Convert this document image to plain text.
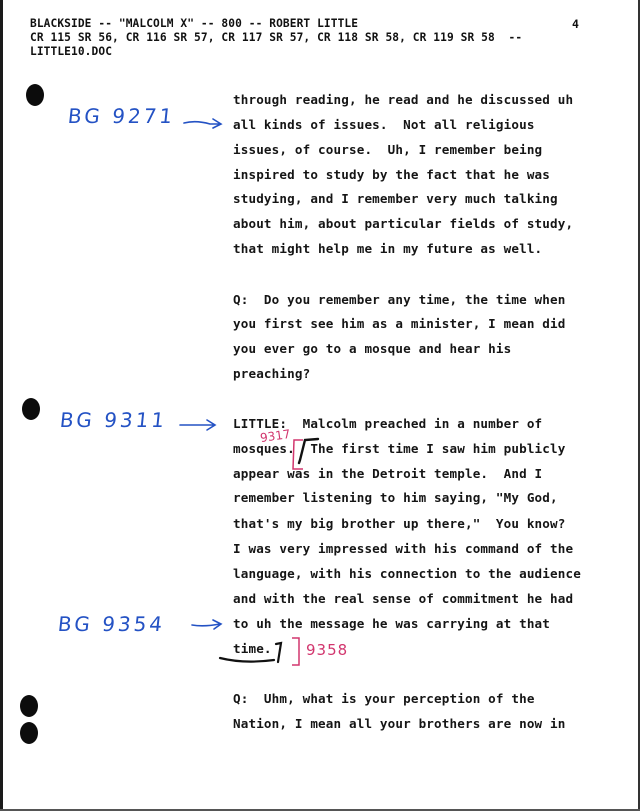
BLACKSIDE -- "MALCOLM X" -- 800 -- ROBERT LITTLE
CR 115 SR 56, CR 116 SR 57, CR 117 SR 57, CR 118 SR 58, CR 119 SR 58  --
LITTLE10.DOC
4
through reading, he read and he discussed uh
all kinds of issues.  Not all religious
issues, of course.  Uh, I remember being
inspired to study by the fact that he was
studying, and I remember very much talking
about him, about particular fields of study,
that might help me in my future as well.
Q:  Do you remember any time, the time when
you first see him as a minister, I mean did
you ever go to a mosque and hear his
preaching?
LITTLE:  Malcolm preached in a number of
mosques.  The first time I saw him publicly
appear was in the Detroit temple.  And I
remember listening to him saying, "My God,
that's my big brother up there,"  You know?
I was very impressed with his command of the
language, with his connection to the audience
and with the real sense of commitment he had
to uh the message he was carrying at that
time.
Q:  Uhm, what is your perception of the
Nation, I mean all your brothers are now in
BG 9271
BG 9311
BG 9354
9317
9358
